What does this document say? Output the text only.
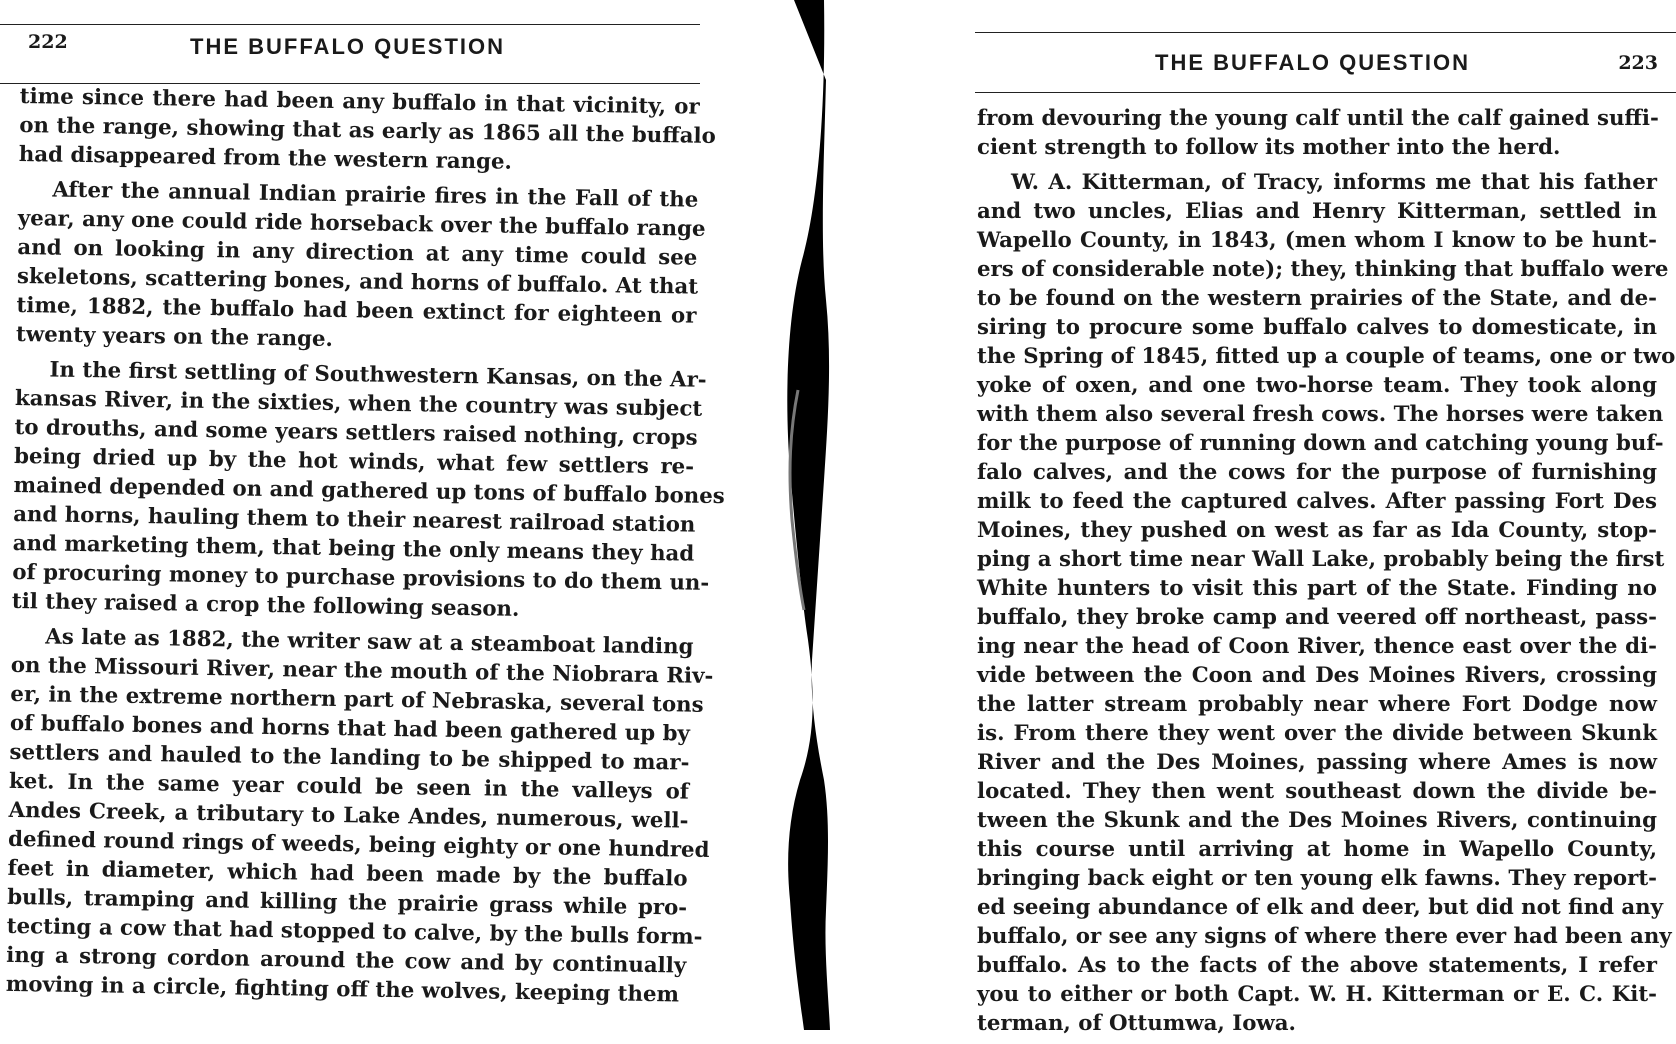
222	THE BUFFALO QUESTION
time since there had been any buffalo in that vicinity, or
on the range, showing that as early as 1865 all the buffalo
had disappeared from the western range.
After the annual Indian prairie fires in the Fall of the
year, any one could ride horseback over the buffalo range
and on looking in any direction at any time could see
skeletons, scattering bones, and horns of buffalo. At that
time, 1882, the buffalo had been extinct for eighteen or
twenty years on the range.
In the first settling of Southwestern Kansas, on the Ar-
kansas River, in the sixties, when the country was subject
to drouths, and some years settlers raised nothing, crops
being dried up by the hot winds, what few settlers re-
mained depended on and gathered up tons of buffalo bones
and horns, hauling them to their nearest railroad station
and marketing them, that being the only means they had
of procuring money to purchase provisions to do them un-
til they raised a crop the following season.
As late as 1882, the writer saw at a steamboat landing
on the Missouri River, near the mouth of the Niobrara Riv-
er, in the extreme northern part of Nebraska, several tons
of buffalo bones and horns that had been gathered up by
settlers and hauled to the landing to be shipped to mar-
ket. In the same year could be seen in the valleys of
Andes Creek, a tributary to Lake Andes, numerous, well-
defined round rings of weeds, being eighty or one hundred
feet in diameter, which had been made by the buffalo
bulls, tramping and killing the prairie grass while pro-
tecting a cow that had stopped to calve, by the bulls form-
ing a strong cordon around the cow and by continually
moving in a circle, fighting off the wolves, keeping them
THE BUFFALO QUESTION	223
from devouring the young calf until the calf gained suffi-
cient strength to follow its mother into the herd.
W. A. Kitterman, of Tracy, informs me that his father
and two uncles, Elias and Henry Kitterman, settled in
Wapello County, in 1843, (men whom I know to be hunt-
ers of considerable note); they, thinking that buffalo were
to be found on the western prairies of the State, and de-
siring to procure some buffalo calves to domesticate, in
the Spring of 1845, fitted up a couple of teams, one or two
yoke of oxen, and one two-horse team. They took along
with them also several fresh cows. The horses were taken
for the purpose of running down and catching young buf-
falo calves, and the cows for the purpose of furnishing
milk to feed the captured calves. After passing Fort Des
Moines, they pushed on west as far as Ida County, stop-
ping a short time near Wall Lake, probably being the first
White hunters to visit this part of the State. Finding no
buffalo, they broke camp and veered off northeast, pass-
ing near the head of Coon River, thence east over the di-
vide between the Coon and Des Moines Rivers, crossing
the latter stream probably near where Fort Dodge now
is. From there they went over the divide between Skunk
River and the Des Moines, passing where Ames is now
located. They then went southeast down the divide be-
tween the Skunk and the Des Moines Rivers, continuing
this course until arriving at home in Wapello County,
bringing back eight or ten young elk fawns. They report-
ed seeing abundance of elk and deer, but did not find any
buffalo, or see any signs of where there ever had been any
buffalo. As to the facts of the above statements, I refer
you to either or both Capt. W. H. Kitterman or E. C. Kit-
terman, of Ottumwa, Iowa.
